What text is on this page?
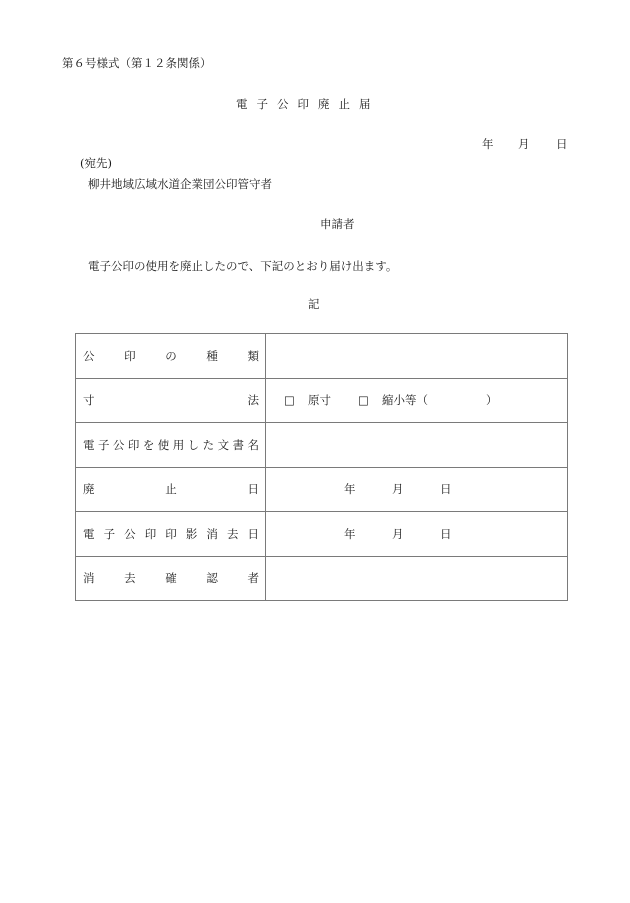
第６号様式（第１２条関係）
電子公印廃止届
年 月 日
(宛先)
柳井地域広域水道企業団公印管守者
申請者
電子公印の使用を廃止したので、下記のとおり届け出ます。
記
公 印 の 種 類	

寸 法	□ 原寸 □ 縮小等（ ）

電 子 公 印 を 使 用 し た 文 書 名

廃 止 日	年 月 日

電 子 公 印 印 影 消 去 日	年	月	日

消 去 確 認 者	
